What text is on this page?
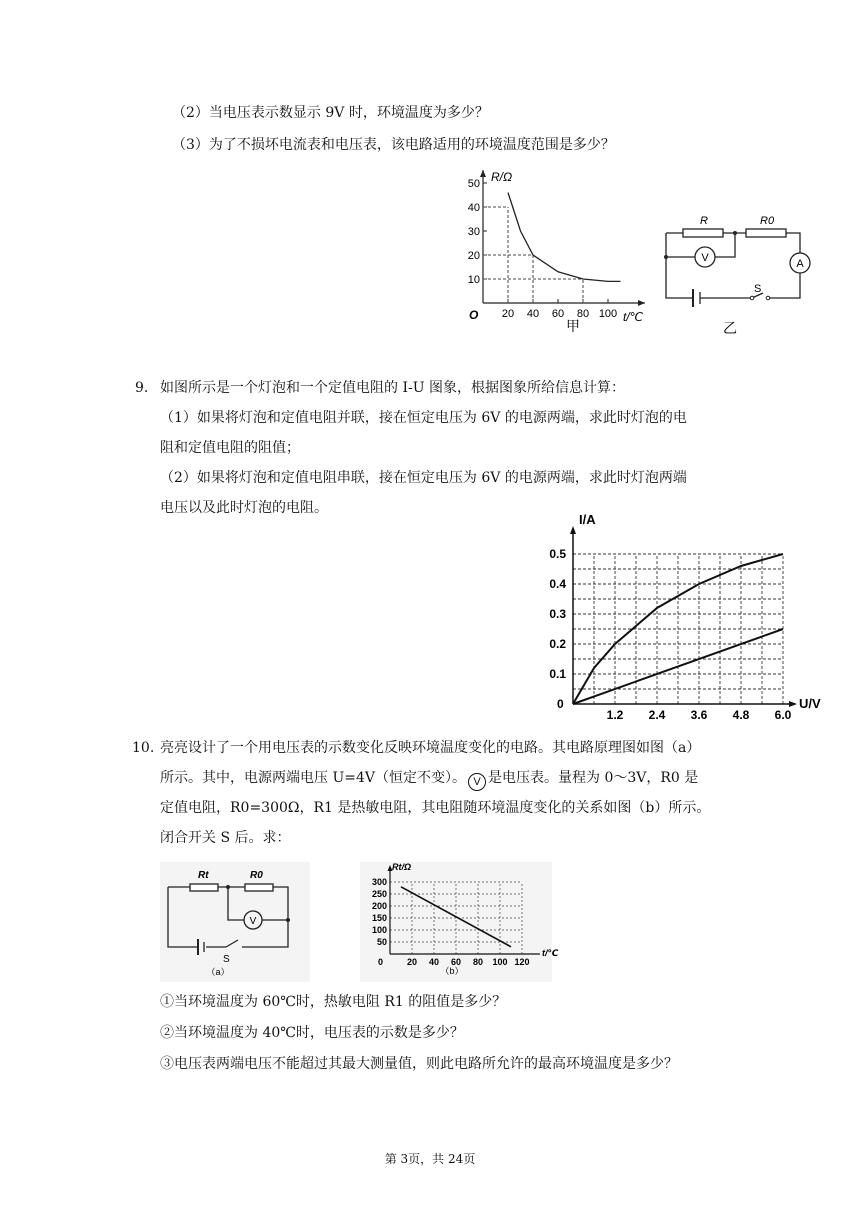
（2）当电压表示数显示 9V 时，环境温度为多少？
（3）为了不损坏电流表和电压表，该电路适用的环境温度范围是多少？
50
40
30
20
10
20 40 60 80 100
R/Ω
t/℃
O
甲
R	R0
A
V
S
乙
9. 如图所示是一个灯泡和一个定值电阻的 I-U 图象，根据图象所给信息计算：
（1）如果将灯泡和定值电阻并联，接在恒定电压为 6V 的电源两端，求此时灯泡的电
阻和定值电阻的阻值；
（2）如果将灯泡和定值电阻串联，接在恒定电压为 6V 的电源两端，求此时灯泡两端
电压以及此时灯泡的电阻。
0.1
0.2
0.3
0.4
0.5
1.2 2.4 3.6 4.8 6.0
0
I/A
U/V
10. 亮亮设计了一个用电压表的示数变化反映环境温度变化的电路。其电路原理图如图（a）
所示。其中，电源两端电压 U=4V（恒定不变）。 V 是电压表。量程为 0～3V，R0 是
定值电阻，R0=300Ω，R1 是热敏电阻，其电阻随环境温度变化的关系如图（b）所示。
闭合开关 S 后。求：
Rt	R0
V
S
（a）
300
250
200
150
100
50
20 40 60 80 100 120
0
Rt/Ω
t/℃
（b）
①当环境温度为 60℃时，热敏电阻 R1 的阻值是多少？
②当环境温度为 40℃时，电压表的示数是多少？
③电压表两端电压不能超过其最大测量值，则此电路所允许的最高环境温度是多少？
第 3页，共 24页
